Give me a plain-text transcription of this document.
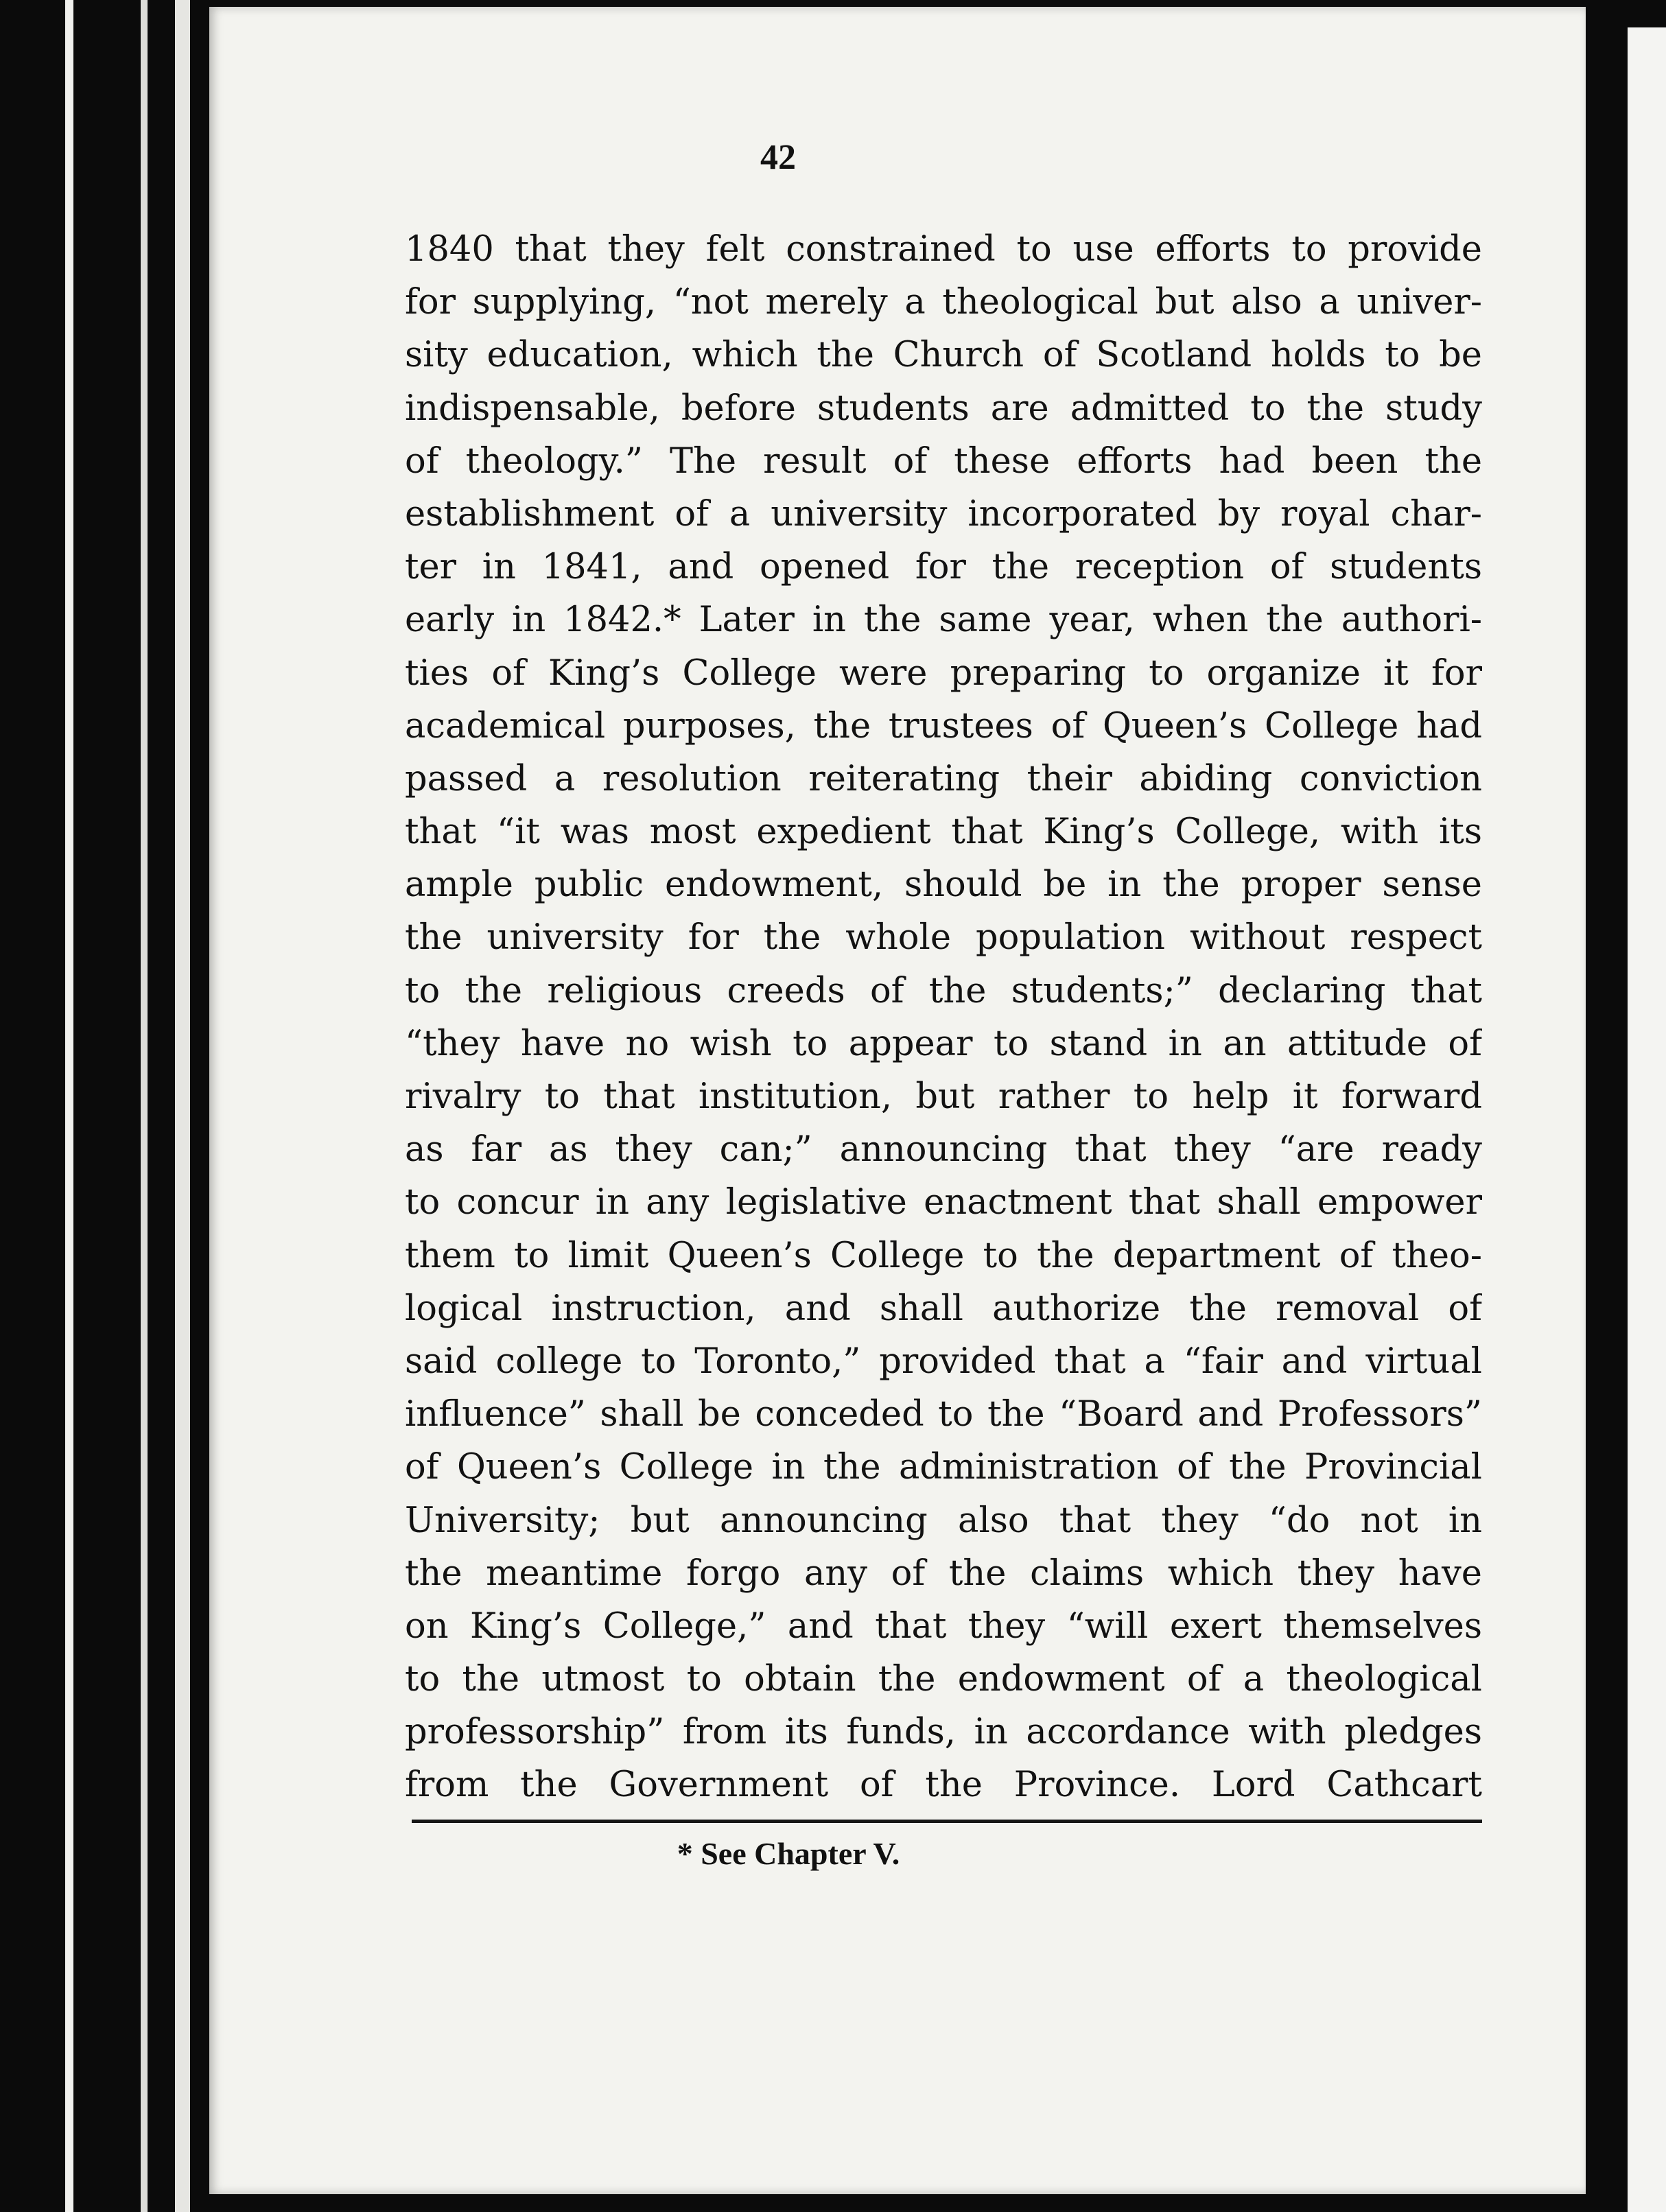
42
1840 that they felt constrained to use efforts to provide
for supplying, “not merely a theological but also a univer-
sity education, which the Church of Scotland holds to be
indispensable, before students are admitted to the study
of theology.” The result of these efforts had been the
establishment of a university incorporated by royal char-
ter in 1841, and opened for the reception of students
early in 1842.* Later in the same year, when the authori-
ties of King’s College were preparing to organize it for
academical purposes, the trustees of Queen’s College had
passed a resolution reiterating their abiding conviction
that “it was most expedient that King’s College, with its
ample public endowment, should be in the proper sense
the university for the whole population without respect
to the religious creeds of the students;” declaring that
“they have no wish to appear to stand in an attitude of
rivalry to that institution, but rather to help it forward
as far as they can;” announcing that they “are ready
to concur in any legislative enactment that shall empower
them to limit Queen’s College to the department of theo-
logical instruction, and shall authorize the removal of
said college to Toronto,” provided that a “fair and virtual
influence” shall be conceded to the “Board and Professors”
of Queen’s College in the administration of the Provincial
University; but announcing also that they “do not in
the meantime forgo any of the claims which they have
on King’s College,” and that they “will exert themselves
to the utmost to obtain the endowment of a theological
professorship” from its funds, in accordance with pledges
from the Government of the Province. Lord Cathcart
* See Chapter V.
